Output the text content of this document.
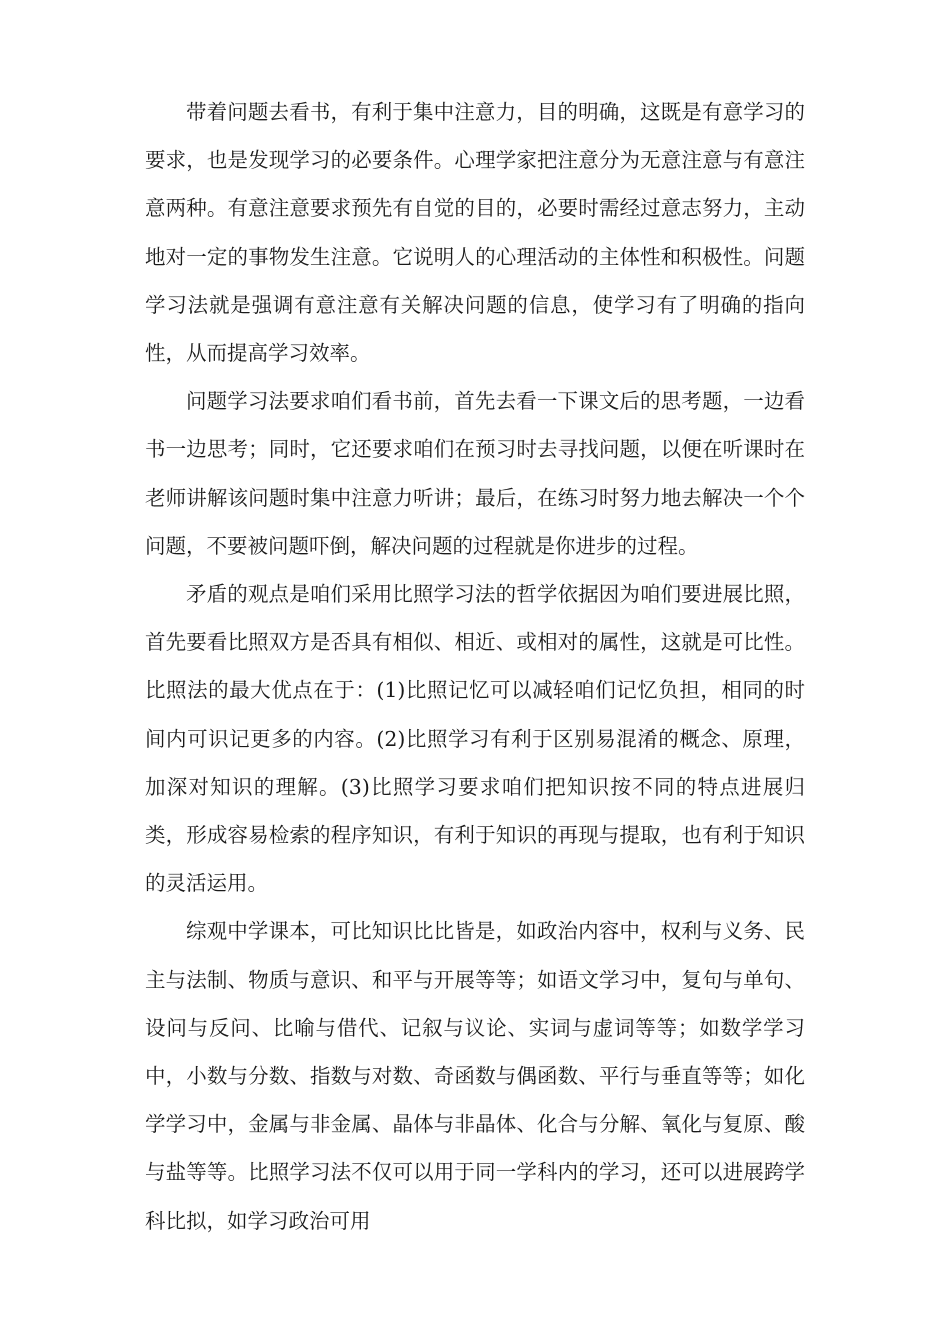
带着问题去看书，有利于集中注意力，目的明确，这既是有意学习的要求，也是发现学习的必要条件。心理学家把注意分为无意注意与有意注意两种。有意注意要求预先有自觉的目的，必要时需经过意志努力，主动地对一定的事物发生注意。它说明人的心理活动的主体性和积极性。问题学习法就是强调有意注意有关解决问题的信息，使学习有了明确的指向性，从而提高学习效率。

问题学习法要求咱们看书前，首先去看一下课文后的思考题，一边看书一边思考；同时，它还要求咱们在预习时去寻找问题，以便在听课时在老师讲解该问题时集中注意力听讲；最后，在练习时努力地去解决一个个问题，不要被问题吓倒，解决问题的过程就是你进步的过程。

矛盾的观点是咱们采用比照学习法的哲学依据因为咱们要进展比照，首先要看比照双方是否具有相似、相近、或相对的属性，这就是可比性。比照法的最大优点在于：(1)比照记忆可以减轻咱们记忆负担，相同的时间内可识记更多的内容。(2)比照学习有利于区别易混淆的概念、原理，加深对知识的理解。(3)比照学习要求咱们把知识按不同的特点进展归类，形成容易检索的程序知识，有利于知识的再现与提取，也有利于知识的灵活运用。

综观中学课本，可比知识比比皆是，如政治内容中，权利与义务、民主与法制、物质与意识、和平与开展等等；如语文学习中，复句与单句、设问与反问、比喻与借代、记叙与议论、实词与虚词等等；如数学学习中，小数与分数、指数与对数、奇函数与偶函数、平行与垂直等等；如化学学习中，金属与非金属、晶体与非晶体、化合与分解、氧化与复原、酸与盐等等。比照学习法不仅可以用于同一学科内的学习，还可以进展跨学科比拟，如学习政治可用
